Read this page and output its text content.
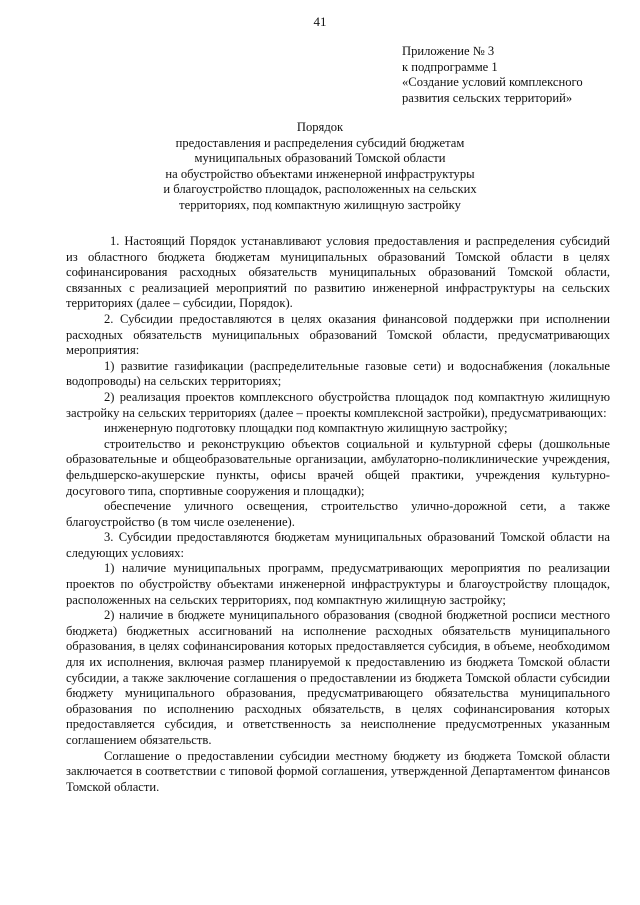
41
Приложение № 3
к подпрограмме 1
«Создание условий комплексного
развития сельских территорий»
Порядок
предоставления и распределения субсидий бюджетам
муниципальных образований Томской области
на обустройство объектами инженерной инфраструктуры
и благоустройство площадок, расположенных на сельских
территориях, под компактную жилищную застройку

1. Настоящий Порядок устанавливают условия предоставления и распределения субсидий из областного бюджета бюджетам муниципальных образований Томской области в целях софинансирования расходных обязательств муниципальных образований Томской области, связанных с реализацией мероприятий по развитию инженерной инфраструктуры на сельских территориях (далее – субсидии, Порядок).

2. Субсидии предоставляются в целях оказания финансовой поддержки при исполнении расходных обязательств муниципальных образований Томской области, предусматривающих мероприятия:

1) развитие газификации (распределительные газовые сети) и водоснабжения (локальные водопроводы) на сельских территориях;

2) реализация проектов комплексного обустройства площадок под компактную жилищную застройку на сельских территориях (далее – проекты комплексной застройки), предусматривающих:

инженерную подготовку площадки под компактную жилищную застройку;

строительство и реконструкцию объектов социальной и культурной сферы (дошкольные образовательные и общеобразовательные организации, амбулаторно-поликлинические учреждения, фельдшерско-акушерские пункты, офисы врачей общей практики, учреждения культурно-досугового типа, спортивные сооружения и площадки);

обеспечение уличного освещения, строительство улично-дорожной сети, а также благоустройство (в том числе озеленение).

3. Субсидии предоставляются бюджетам муниципальных образований Томской области на следующих условиях:

1) наличие муниципальных программ, предусматривающих мероприятия по реализации проектов по обустройству объектами инженерной инфраструктуры и благоустройству площадок, расположенных на сельских территориях, под компактную жилищную застройку;

2) наличие в бюджете муниципального образования (сводной бюджетной росписи местного бюджета) бюджетных ассигнований на исполнение расходных обязательств муниципального образования, в целях софинансирования которых предоставляется субсидия, в объеме, необходимом для их исполнения, включая размер планируемой к предоставлению из бюджета Томской области субсидии, а также заключение соглашения о предоставлении из бюджета Томской области субсидии бюджету муниципального образования, предусматривающего обязательства муниципального образования по исполнению расходных обязательств, в целях софинансирования которых предоставляется субсидия, и ответственность за неисполнение предусмотренных указанным соглашением обязательств.

Соглашение о предоставлении субсидии местному бюджету из бюджета Томской области заключается в соответствии с типовой формой соглашения, утвержденной Департаментом финансов Томской области.
